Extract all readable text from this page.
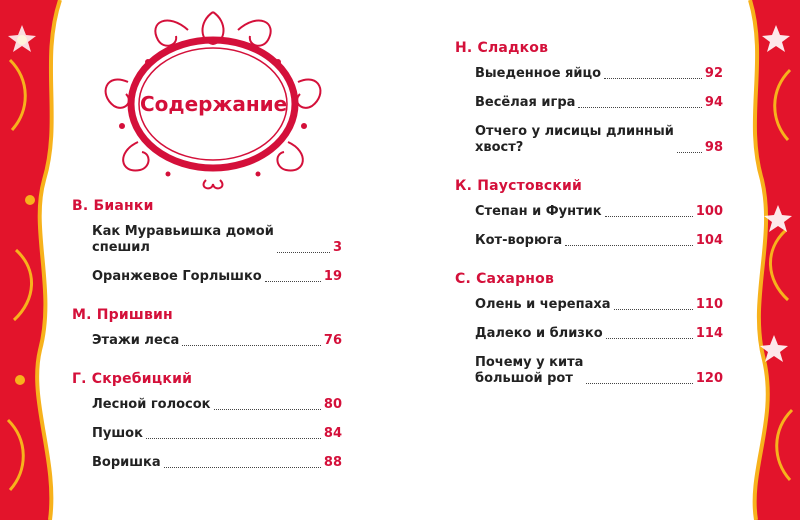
Содержание
В. Бианки
Как Муравьишка домой
спешил	3
Оранжевое Горлышко	19
М. Пришвин
Этажи леса	76
Г. Скребицкий
Лесной голосок	80
Пушок	84
Воришка	88
Н. Сладков
Выеденное яйцо	92
Весёлая игра	94
Отчего у лисицы длинный
хвост?	98
К. Паустовский
Степан и Фунтик	100
Кот-ворюга	104
С. Сахарнов
Олень и черепаха	110
Далеко и близко	114
Почему у кита
большой рот	120
